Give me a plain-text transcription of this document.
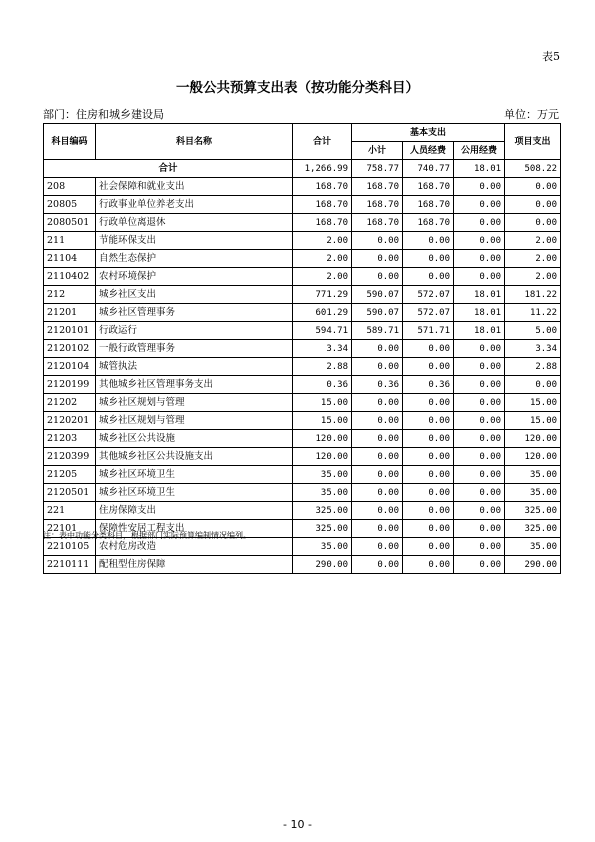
表5
一般公共预算支出表（按功能分类科目）
部门：住房和城乡建设局	单位：万元
科目编码	科目名称	合计	基本支出			项目支出
			小计	人员经费	公用经费	
合计		1,266.99	758.77	740.77	18.01	508.22
208	社会保障和就业支出	168.70	168.70	168.70	0.00	0.00
20805	行政事业单位养老支出	168.70	168.70	168.70	0.00	0.00
2080501	行政单位离退休	168.70	168.70	168.70	0.00	0.00
211	节能环保支出	2.00	0.00	0.00	0.00	2.00
21104	自然生态保护	2.00	0.00	0.00	0.00	2.00
2110402	农村环境保护	2.00	0.00	0.00	0.00	2.00
212	城乡社区支出	771.29	590.07	572.07	18.01	181.22
21201	城乡社区管理事务	601.29	590.07	572.07	18.01	11.22
2120101	行政运行	594.71	589.71	571.71	18.01	5.00
2120102	一般行政管理事务	3.34	0.00	0.00	0.00	3.34
2120104	城管执法	2.88	0.00	0.00	0.00	2.88
2120199	其他城乡社区管理事务支出	0.36	0.36	0.36	0.00	0.00
21202	城乡社区规划与管理	15.00	0.00	0.00	0.00	15.00
2120201	城乡社区规划与管理	15.00	0.00	0.00	0.00	15.00
21203	城乡社区公共设施	120.00	0.00	0.00	0.00	120.00
2120399	其他城乡社区公共设施支出	120.00	0.00	0.00	0.00	120.00
21205	城乡社区环境卫生	35.00	0.00	0.00	0.00	35.00
2120501	城乡社区环境卫生	35.00	0.00	0.00	0.00	35.00
221	住房保障支出	325.00	0.00	0.00	0.00	325.00
22101	保障性安居工程支出	325.00	0.00	0.00	0.00	325.00
2210105	农村危房改造	35.00	0.00	0.00	0.00	35.00
2210111	配租型住房保障	290.00	0.00	0.00	0.00	290.00
注：表中功能分类科目，根据部门实际预算编制情况编列。
- 10 -
